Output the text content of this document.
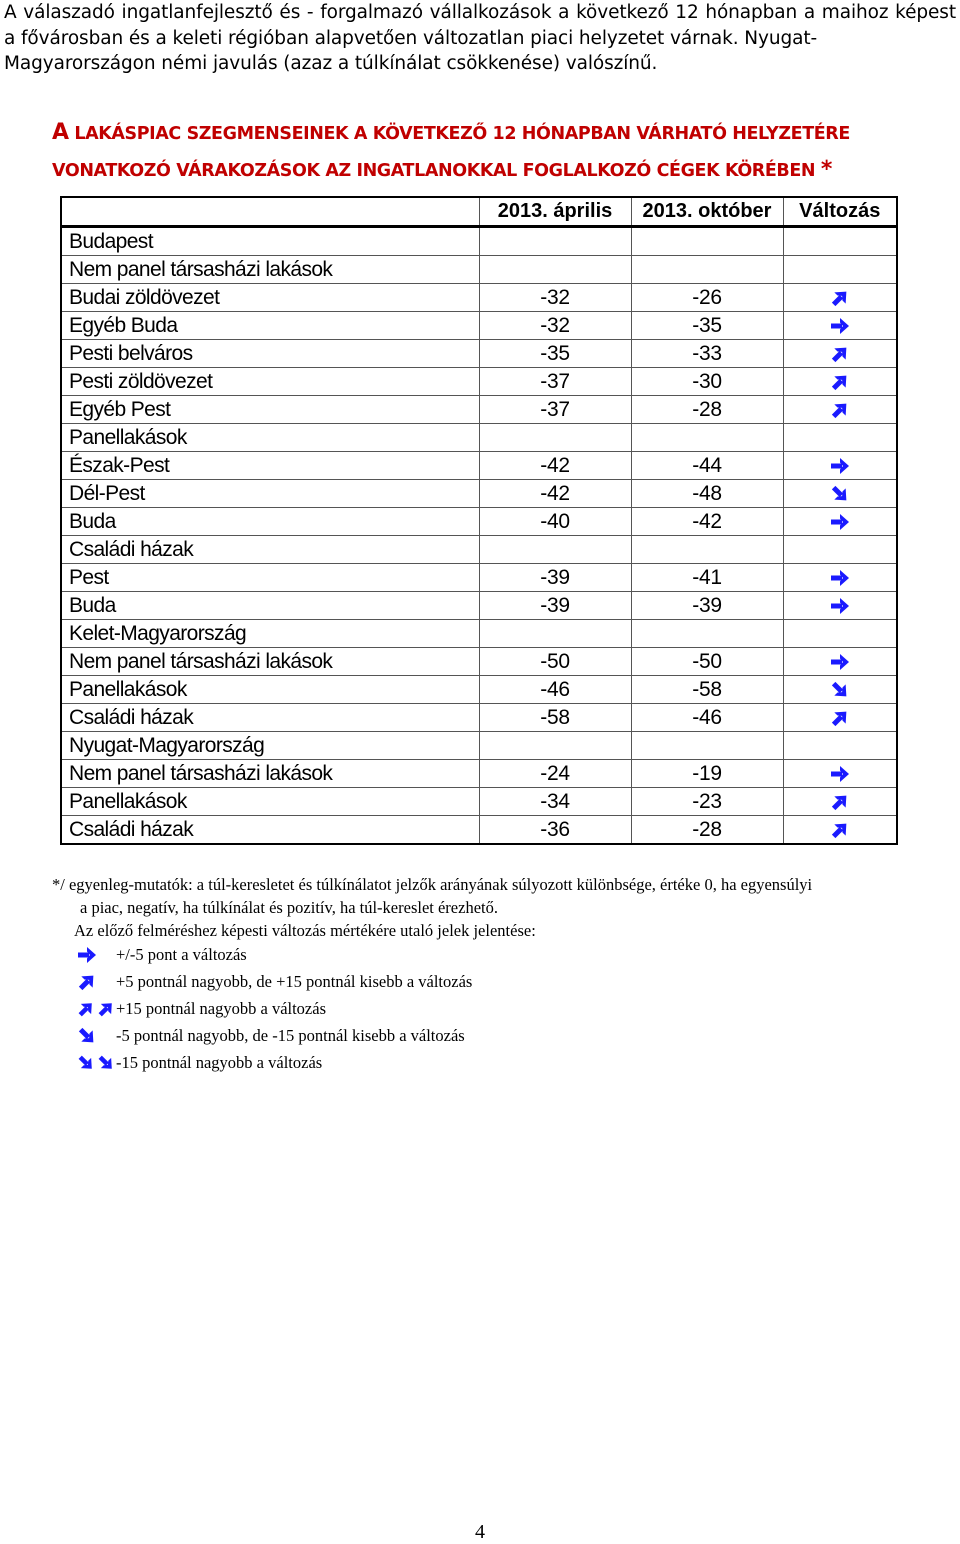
A válaszadó ingatlanfejlesztő és - forgalmazó vállalkozások a következő 12 hónapban a maihoz képest a fővárosban és a keleti régióban alapvetően változatlan piaci helyzetet várnak. Nyugat-
Magyarországon némi javulás (azaz a túlkínálat csökkenése) valószínű.
A LAKÁSPIAC SZEGMENSEINEK A KÖVETKEZŐ 12 HÓNAPBAN VÁRHATÓ HELYZETÉRE
VONATKOZÓ VÁRAKOZÁSOK AZ INGATLANOKKAL FOGLALKOZÓ CÉGEK KÖRÉBEN *
	2013. április	2013. október	Változás
Budapest			
Nem panel társasházi lakások			
Budai zöldövezet	-32	-26	
Egyéb Buda	-32	-35	
Pesti belváros	-35	-33	
Pesti zöldövezet	-37	-30	
Egyéb Pest	-37	-28	
Panellakások			
Észak-Pest	-42	-44	
Dél-Pest	-42	-48	
Buda	-40	-42	
Családi házak			
Pest	-39	-41	
Buda	-39	-39	
Kelet-Magyarország			
Nem panel társasházi lakások	-50	-50	
Panellakások	-46	-58	
Családi házak	-58	-46	
Nyugat-Magyarország			
Nem panel társasházi lakások	-24	-19	
Panellakások	-34	-23	
Családi házak	-36	-28	
*/ egyenleg-mutatók: a túl-keresletet és túlkínálatot jelzők arányának súlyozott különbsége, értéke 0, ha egyensúlyi
a piac, negatív, ha túlkínálat és pozitív, ha túl-kereslet érezhető.
Az előző felméréshez képesti változás mértékére utaló jelek jelentése:
+/-5 pont a változás
+5 pontnál nagyobb, de +15 pontnál kisebb a változás
+15 pontnál nagyobb a változás
-5 pontnál nagyobb, de -15 pontnál kisebb a változás
-15 pontnál nagyobb a változás
4
